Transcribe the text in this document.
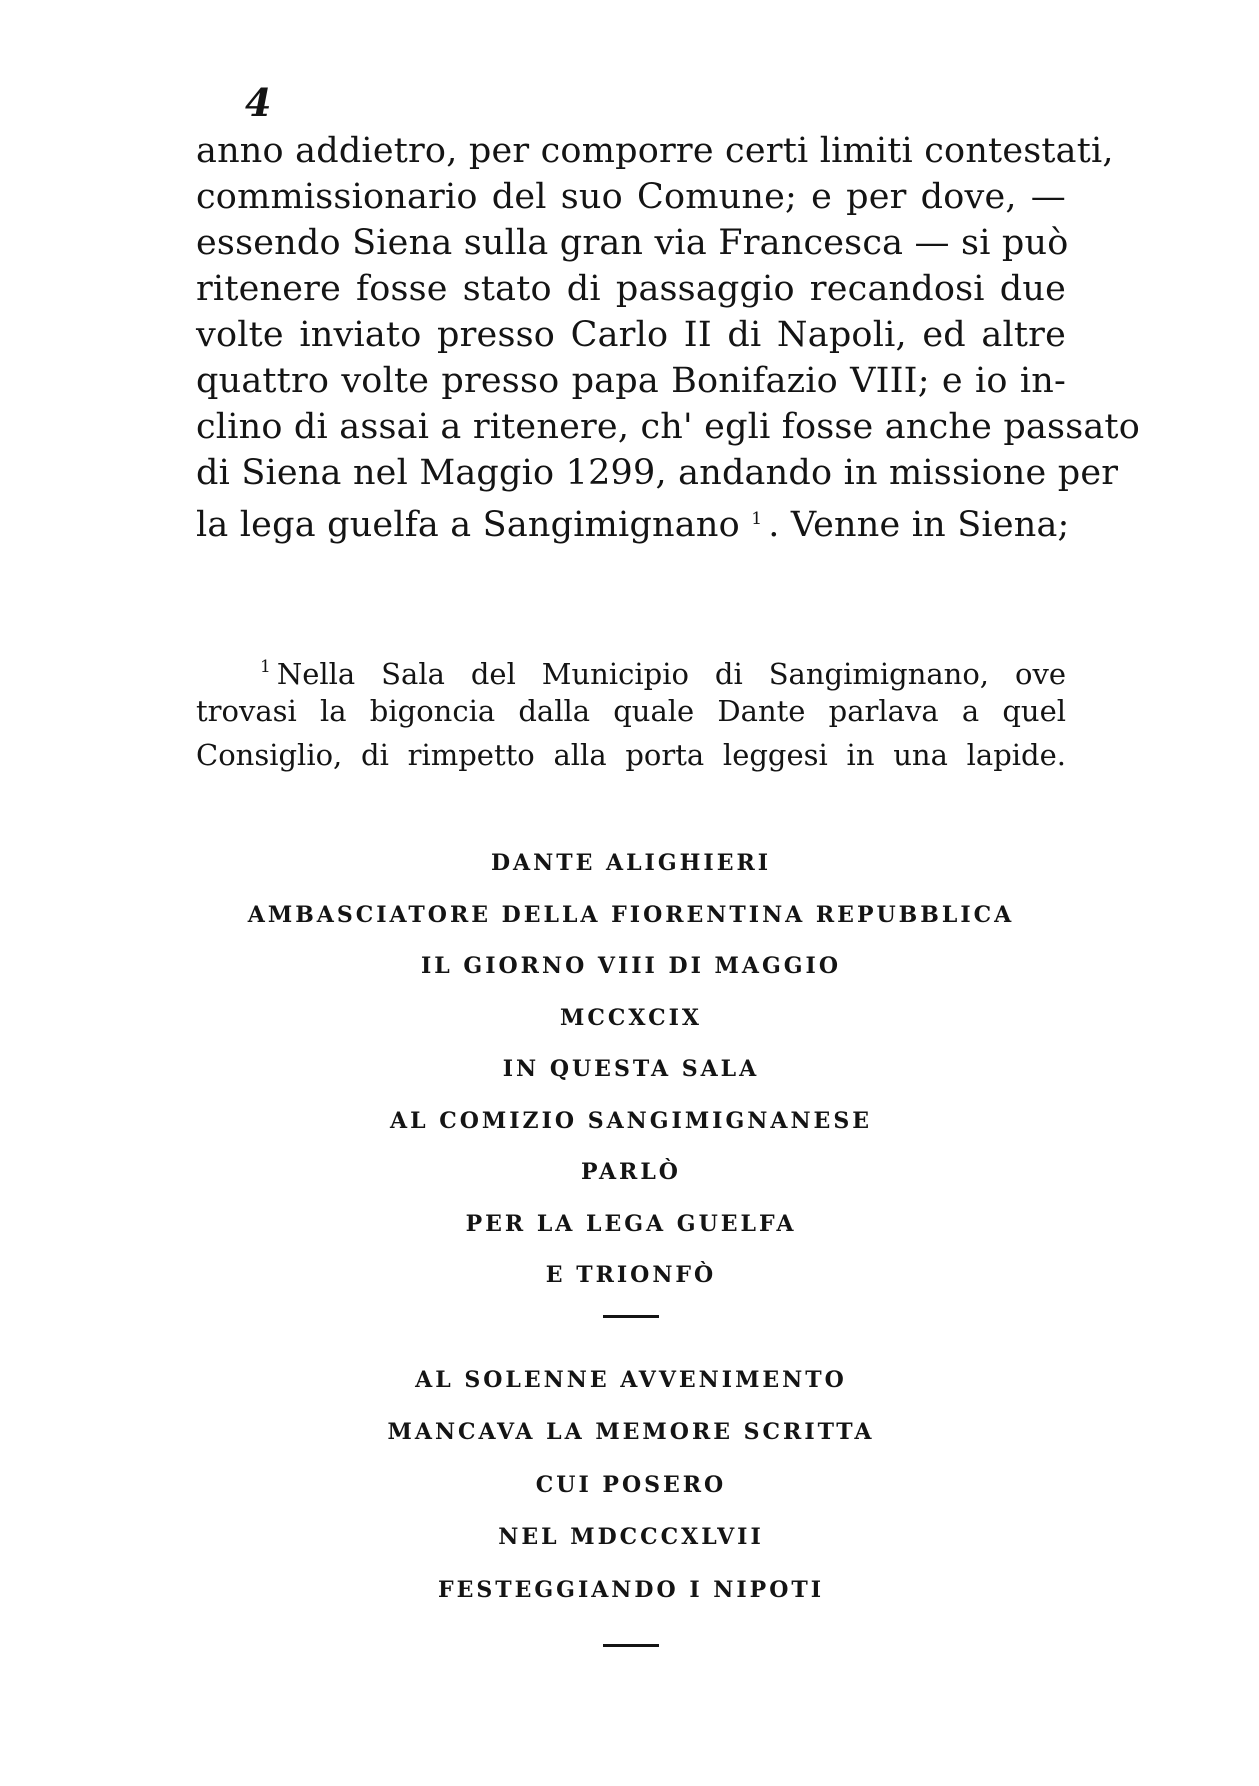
4
anno addietro, per comporre certi limiti contestati,
commissionario del suo Comune; e per dove, —
essendo Siena sulla gran via Francesca — si può
ritenere fosse stato di passaggio recandosi due
volte inviato presso Carlo II di Napoli, ed altre
quattro volte presso papa Bonifazio VIII; e io in-
clino di assai a ritenere, ch' egli fosse anche passato
di Siena nel Maggio 1299, andando in missione per
la lega guelfa a Sangimignano $^1$ . Venne in Siena;
$^1$ Nella Sala del Municipio di Sangimignano, ove
trovasi la bigoncia dalla quale Dante parlava a quel
Consiglio, di rimpetto alla porta leggesi in una lapide.
DANTE ALIGHIERI
AMBASCIATORE DELLA FIORENTINA REPUBBLICA
IL GIORNO VIII DI MAGGIO
MCCXCIX
IN QUESTA SALA
AL COMIZIO SANGIMIGNANESE
PARLÒ
PER LA LEGA GUELFA
E TRIONFÒ
AL SOLENNE AVVENIMENTO
MANCAVA LA MEMORE SCRITTA
CUI POSERO
NEL MDCCCXLVII
FESTEGGIANDO I NIPOTI
